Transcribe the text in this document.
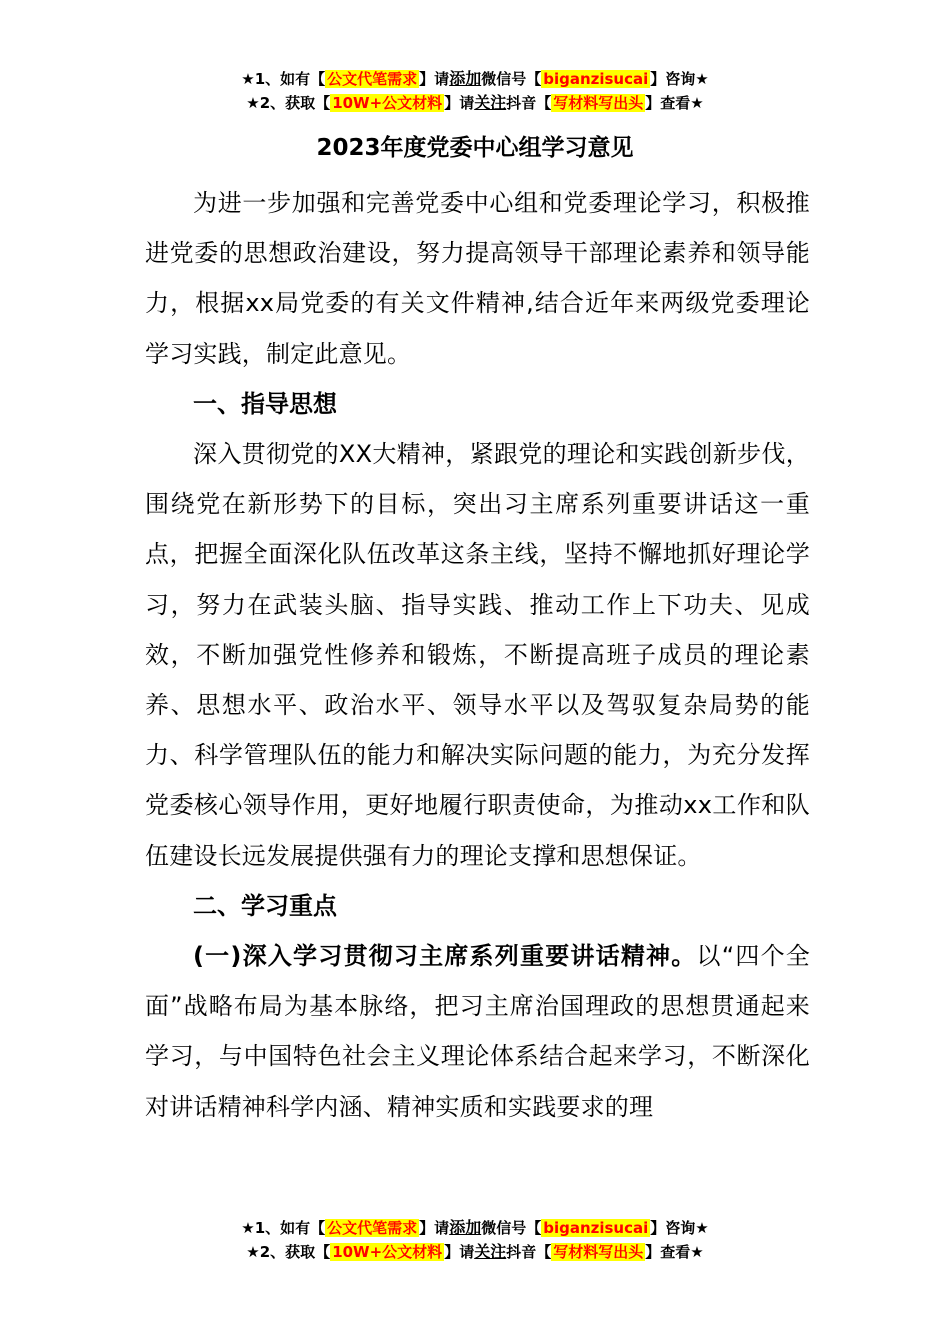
★1、如有【 公文代笔需求 】请添加微信号【 biganzisucai 】咨询★
★2、获取【 10W+公文材料 】请关注抖音【 写材料写出头 】查看★
2023年度党委中心组学习意见

为进一步加强和完善党委中心组和党委理论学习，积极推进党委的思想政治建设，努力提高领导干部理论素养和领导能力，根据xx局党委的有关文件精神,结合近年来两级党委理论学习实践，制定此意见。

一、指导思想

深入贯彻党的XX大精神，紧跟党的理论和实践创新步伐，围绕党在新形势下的目标，突出习主席系列重要讲话这一重点，把握全面深化队伍改革这条主线，坚持不懈地抓好理论学习，努力在武装头脑、指导实践、推动工作上下功夫、见成效，不断加强党性修养和锻炼，不断提高班子成员的理论素养、思想水平、政治水平、领导水平以及驾驭复杂局势的能力、科学管理队伍的能力和解决实际问题的能力，为充分发挥党委核心领导作用，更好地履行职责使命，为推动xx工作和队伍建设长远发展提供强有力的理论支撑和思想保证。

二、学习重点

(一)深入学习贯彻习主席系列重要讲话精神。以“四个全面”战略布局为基本脉络，把习主席治国理政的思想贯通起来学习，与中国特色社会主义理论体系结合起来学习，不断深化对讲话精神科学内涵、精神实质和实践要求的理

★1、如有【 公文代笔需求 】请添加微信号【 biganzisucai 】咨询★
★2、获取【 10W+公文材料 】请关注抖音【 写材料写出头 】查看★
